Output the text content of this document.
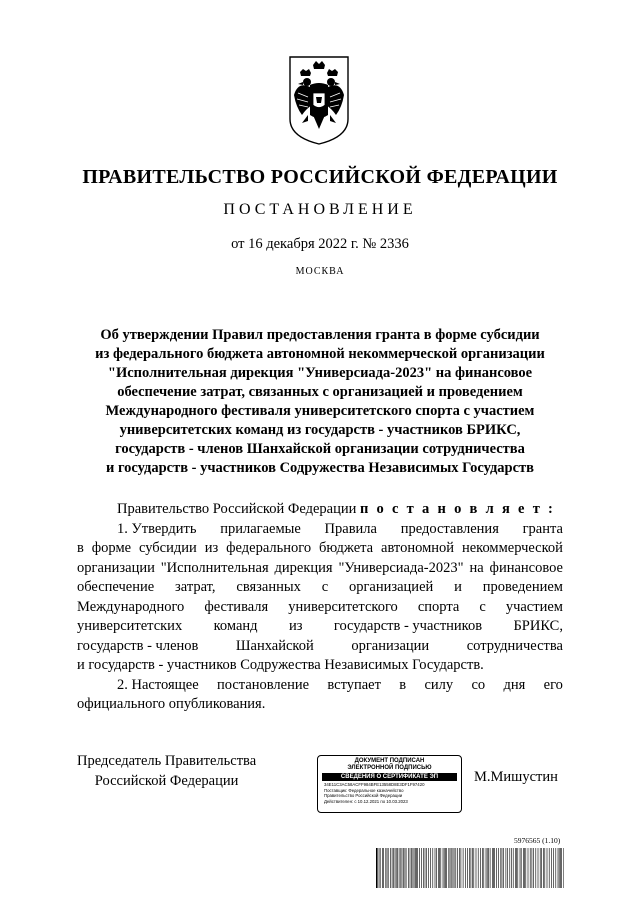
ПРАВИТЕЛЬСТВО РОССИЙСКОЙ ФЕДЕРАЦИИ
ПОСТАНОВЛЕНИЕ
от 16 декабря 2022 г. № 2336
МОСКВА
Об утверждении Правил предоставления гранта в форме субсидии
из федерального бюджета автономной некоммерческой организации
"Исполнительная дирекция "Универсиада-2023" на финансовое
обеспечение затрат, связанных с организацией и проведением
Международного фестиваля университетского спорта с участием
университетских команд из государств - участников БРИКС,
государств - членов Шанхайской организации сотрудничества
и государств - участников Содружества Независимых Государств
Правительство Российской Федерации п о с т а н о в л я е т :
1. Утвердить прилагаемые Правила предоставления гранта
в форме субсидии из федерального бюджета автономной некоммерческой
организации "Исполнительная дирекция "Универсиада-2023" на финансовое
обеспечение затрат, связанных с организацией и проведением
Международного фестиваля университетского спорта с участием
университетских команд из государств - участников БРИКС,
государств - членов	Шанхайской	организации	сотрудничества
и государств - участников Содружества Независимых Государств.
2. Настоящее постановление вступает в силу со дня его
официального опубликования.
Председатель Правительства
Российской Федерации
ДОКУМЕНТ ПОДПИСАН
ЭЛЕКТРОННОЙ ПОДПИСЬЮ
СВЕДЕНИЯ О СЕРТИФИКАТЕ ЭП
34E11C3AC58ACFF984BFE13558D8E3DF1F97420
Поставщик: Федеральное казначейство
Правительство Российской Федерации
Действителен: с 10.12.2021 по 10.03.2023
М.Мишустин
5976565 (1.10)
